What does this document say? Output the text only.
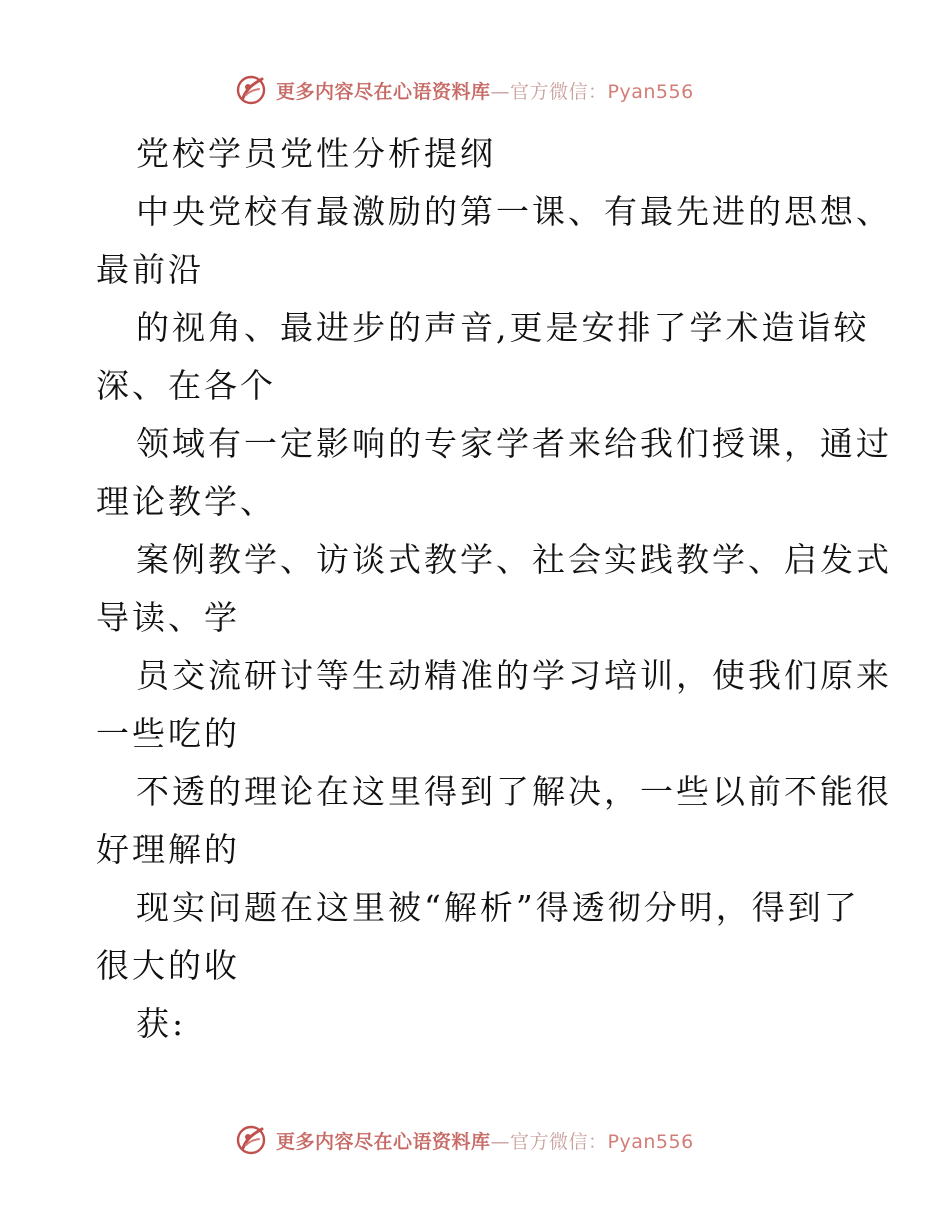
更多内容尽在心语资料库—官方微信：Pyan556
党校学员党性分析提纲
中央党校有最激励的第一课、有最先进的思想、
最前沿
的视角、最进步的声音,更是安排了学术造诣较
深、在各个
领域有一定影响的专家学者来给我们授课，通过
理论教学、
案例教学、访谈式教学、社会实践教学、启发式
导读、学
员交流研讨等生动精准的学习培训，使我们原来
一些吃的
不透的理论在这里得到了解决，一些以前不能很
好理解的
现实问题在这里被“解析”得透彻分明，得到了
很大的收
获:
更多内容尽在心语资料库—官方微信：Pyan556
